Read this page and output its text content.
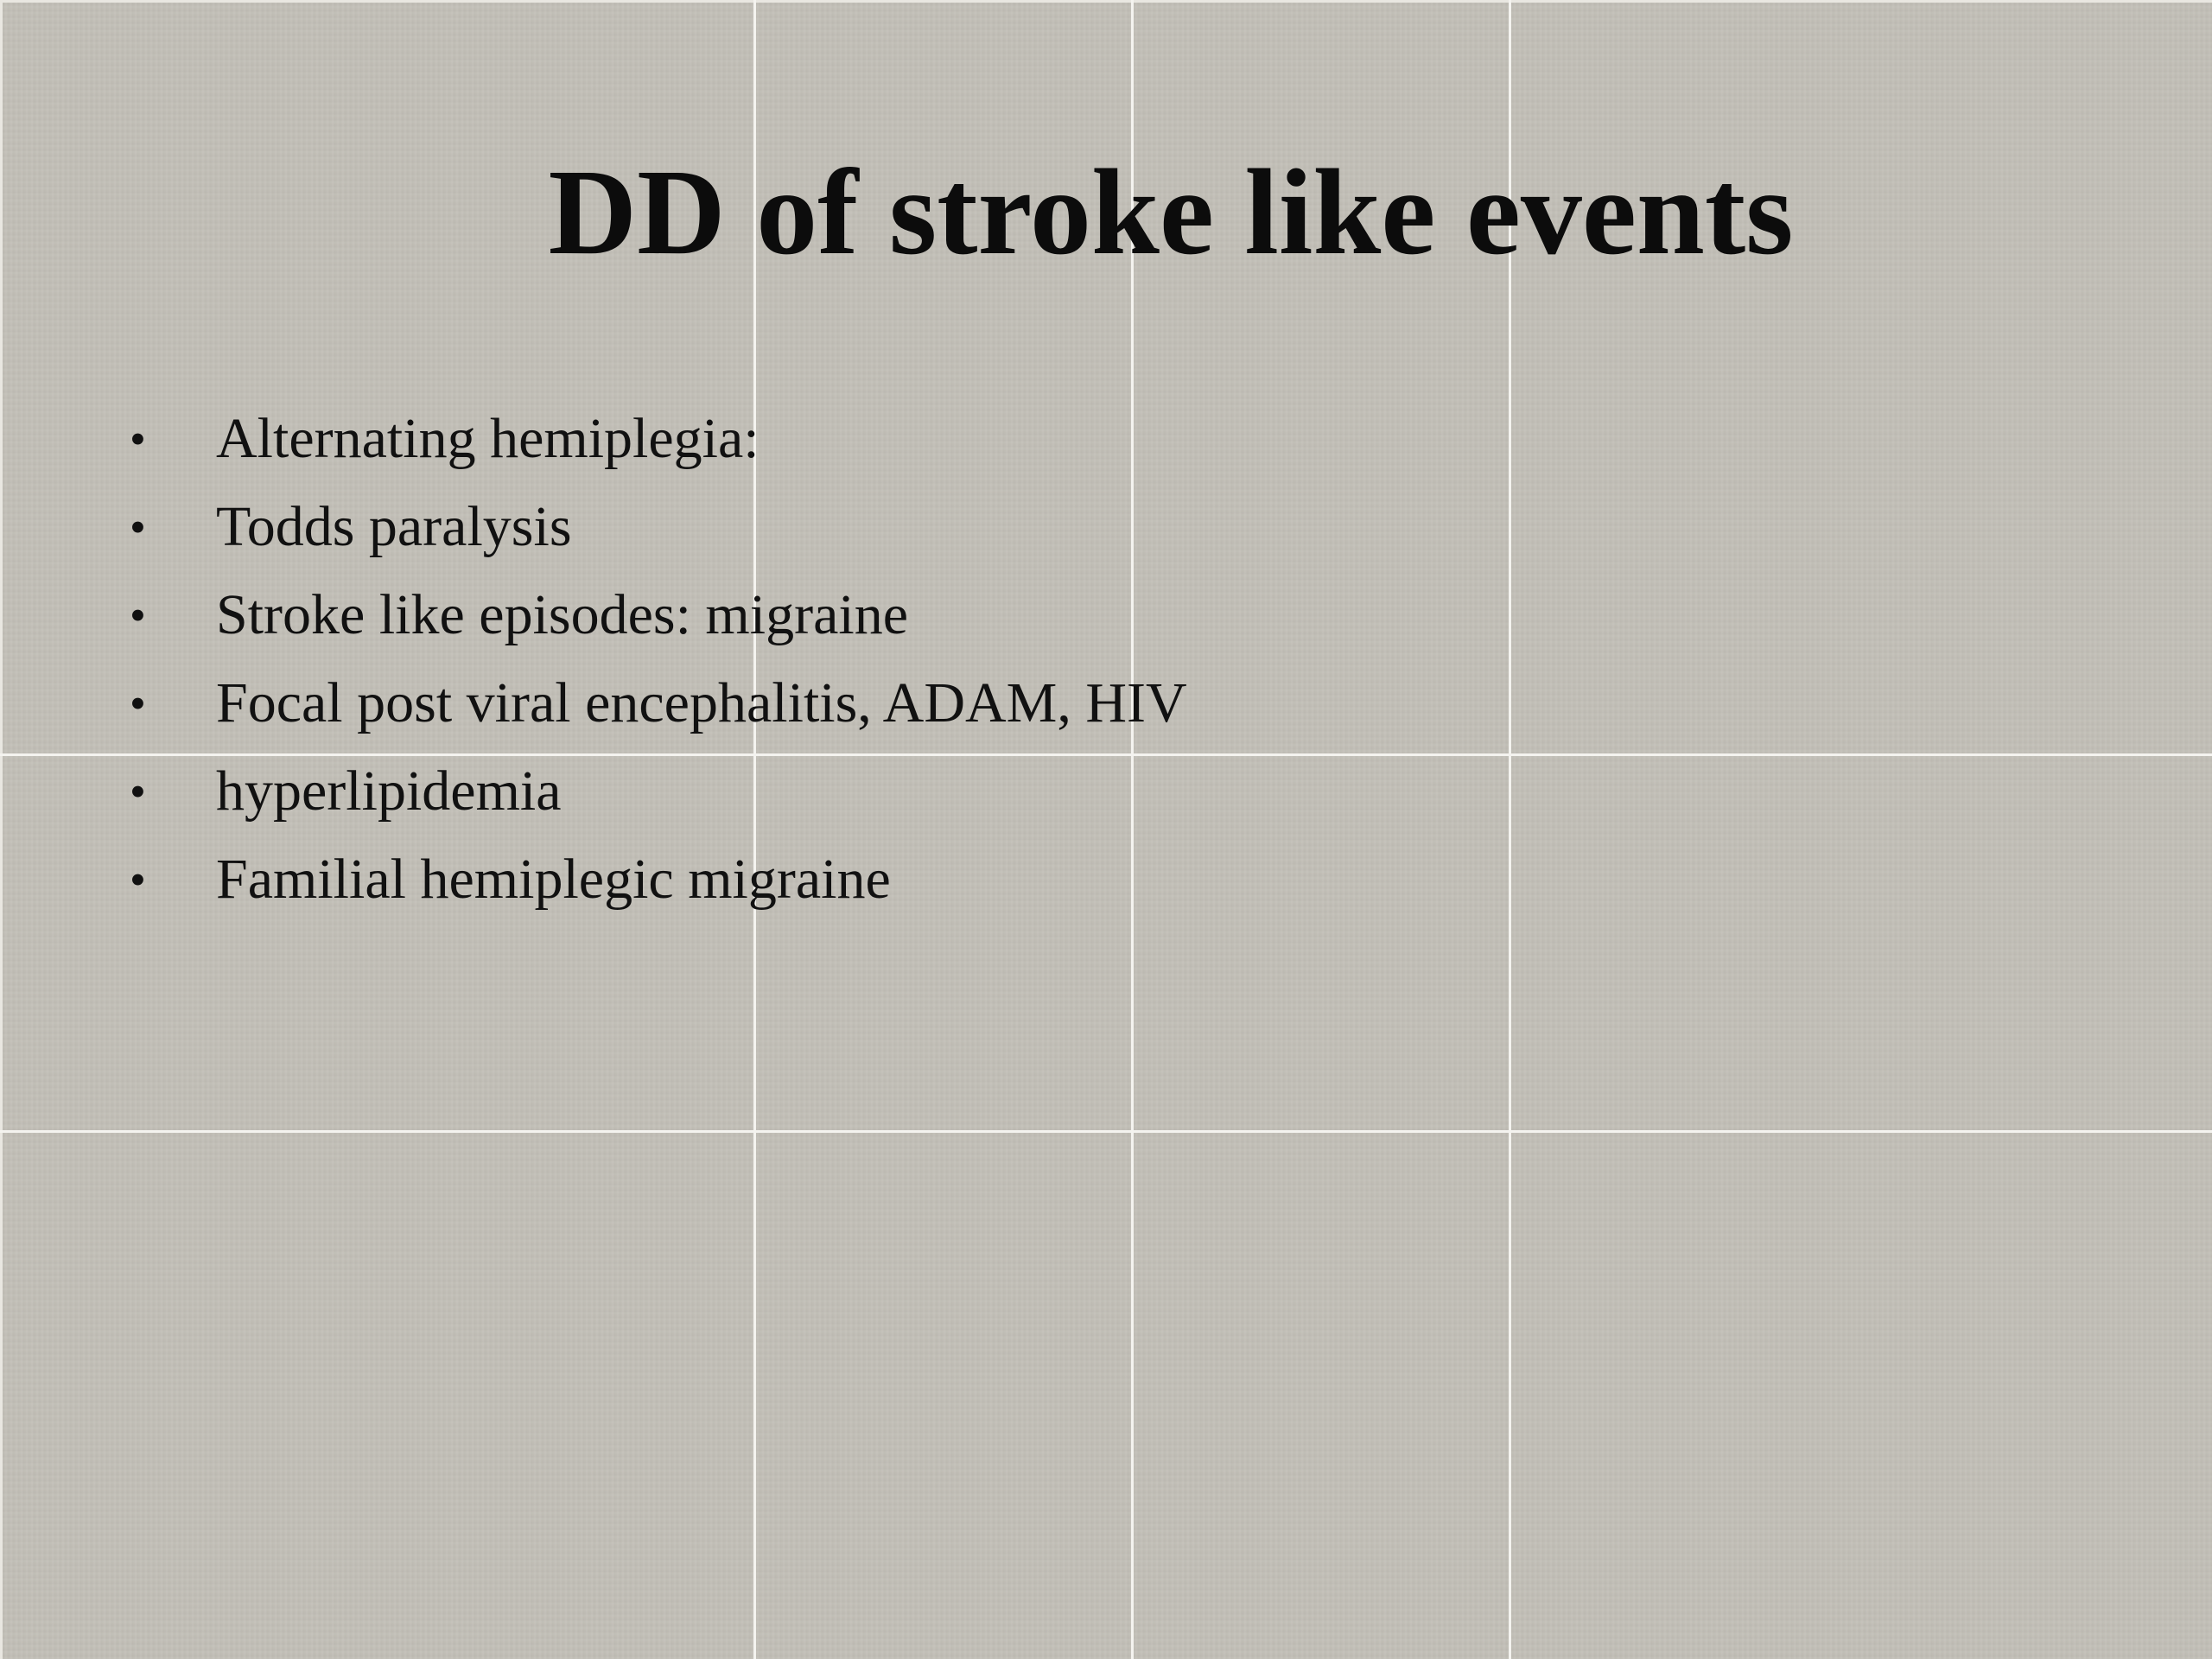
DD of stroke like events
• Alternating hemiplegia:
• Todds paralysis
• Stroke like episodes: migraine
• Focal post viral encephalitis, ADAM, HIV
• hyperlipidemia
• Familial hemiplegic migraine
